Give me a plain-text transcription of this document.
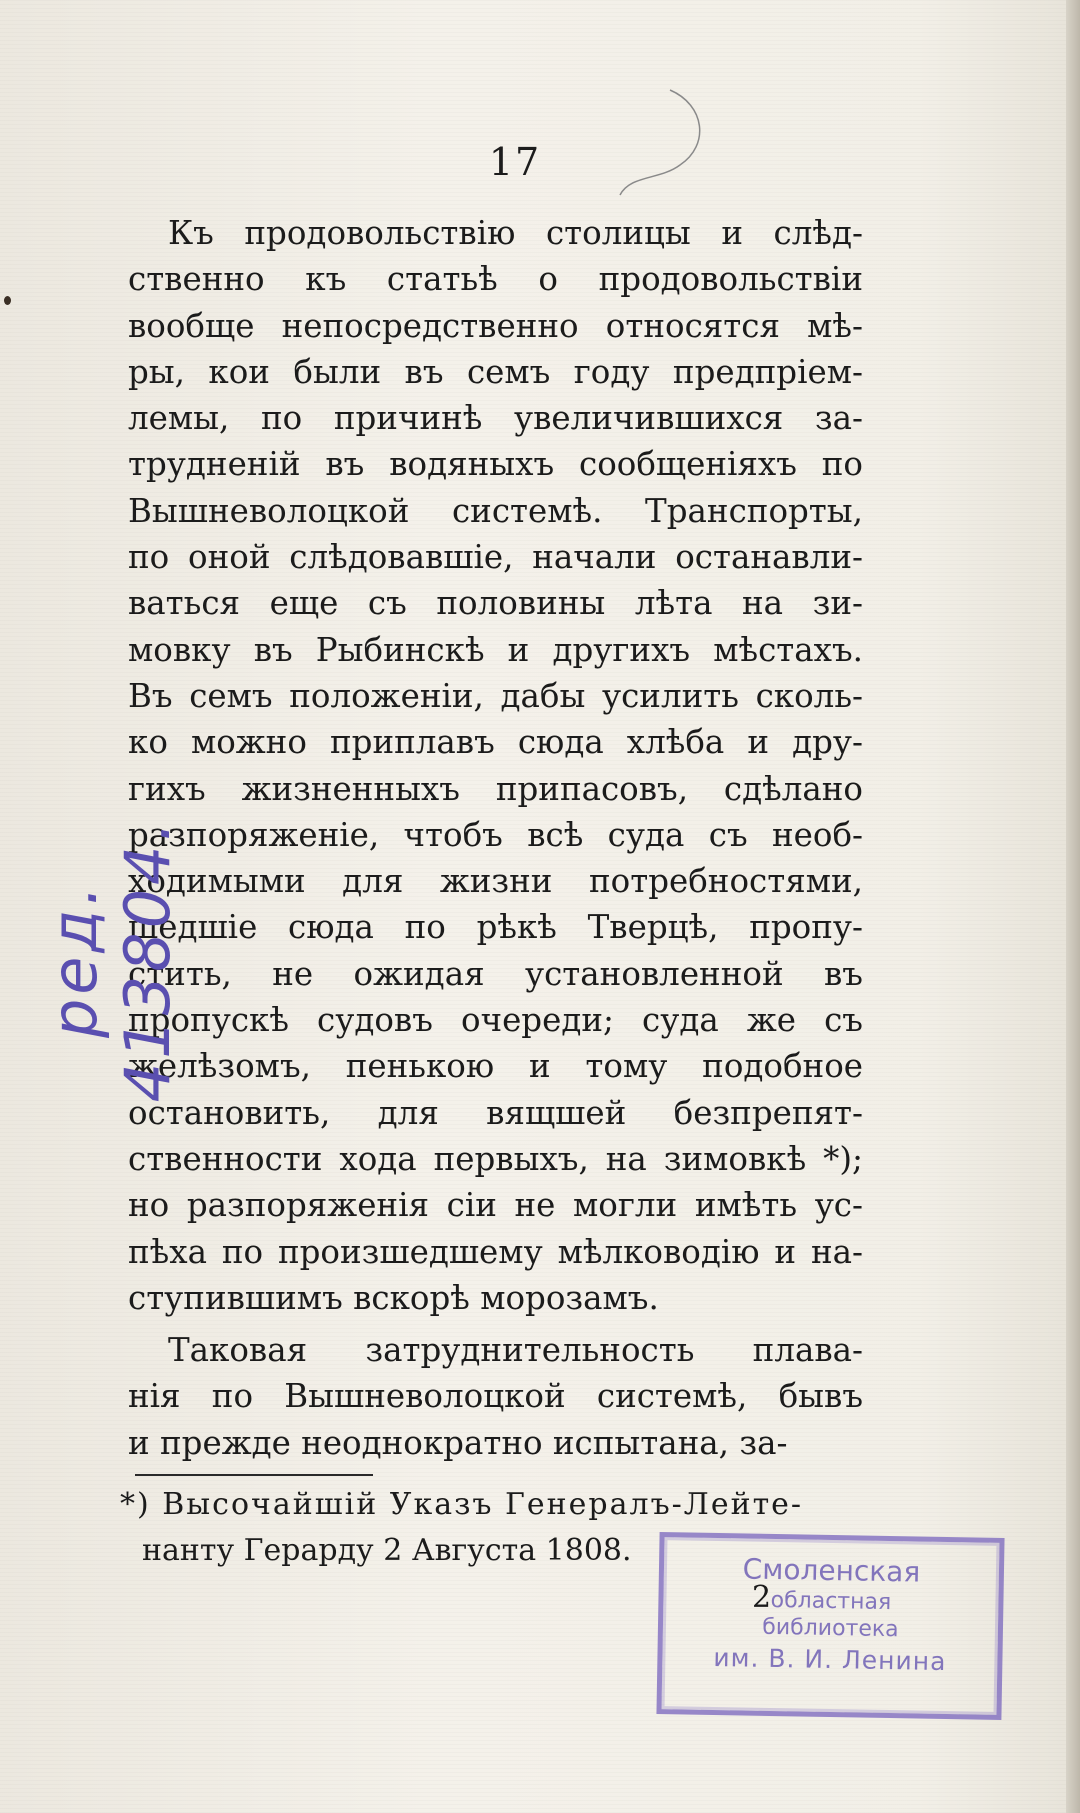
17
Къ продовольствію столицы и слѣд-
ственно къ статьѣ о продовольствіи
вообще непосредственно относятся мѣ-
ры, кои были въ семъ году предпріем-
лемы, по причинѣ увеличившихся за-
трудненій въ водяныхъ сообщеніяхъ по
Вышневолоцкой системѣ. Транспорты,
по оной слѣдовавшіе, начали останавли-
ваться еще съ половины лѣта на зи-
мовку въ Рыбинскѣ и другихъ мѣстахъ.
Въ семъ положеніи, дабы усилить сколь-
ко можно приплавъ сюда хлѣба и дру-
гихъ жизненныхъ припасовъ, сдѣлано
разпоряженіе, чтобъ всѣ суда съ необ-
ходимыми для жизни потребностями,
шедшіе сюда по рѣкѣ Тверцѣ, пропу-
стить, не ожидая установленной въ
пропускѣ судовъ очереди; суда же съ
желѣзомъ, пенькою и тому подобное
остановить, для вящшей безпрепят-
ственности хода первыхъ, на зимовкѣ *);
но разпоряженія сіи не могли имѣть ус-
пѣха по произшедшему мѣлководію и на-
ступившимъ вскорѣ морозамъ.
Таковая затруднительность плава-
нія по Вышневолоцкой системѣ, бывъ
и прежде неоднократно испытана, за-
*) Высочайшій Указъ Генералъ-Лейте-
нанту Герарду 2 Августа 1808.
ред. 413804.
2
Смоленская
областная
библиотека
им. В. И. Ленина
